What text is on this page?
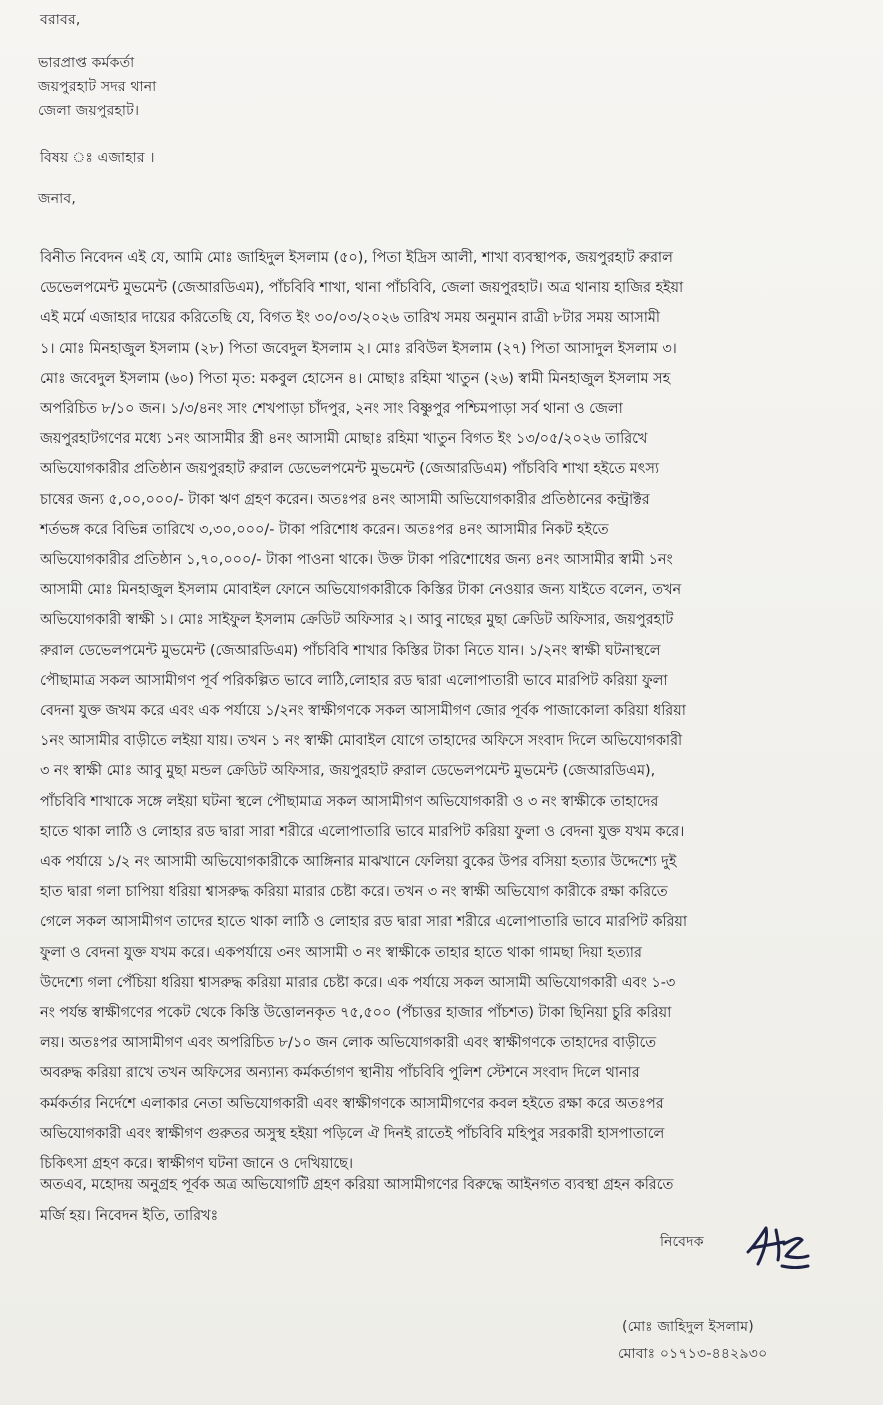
বরাবর,

ভারপ্রাপ্ত কর্মকর্তা

জয়পুরহাট সদর থানা

জেলা জয়পুরহাট।

বিষয় ঃ এজাহার ।

জনাব,

বিনীত নিবেদন এই যে, আমি মোঃ জাহিদুল ইসলাম (৫০), পিতা ইদ্রিস আলী, শাখা ব্যবস্থাপক, জয়পুরহাট রুরাল

ডেভেলপমেন্ট মুভমেন্ট (জেআরডিএম), পাঁচবিবি শাখা, থানা পাঁচবিবি, জেলা জয়পুরহাট। অত্র থানায় হাজির হইয়া

এই মর্মে এজাহার দায়ের করিতেছি যে, বিগত ইং ৩০/০৩/২০২৬ তারিখ সময় অনুমান রাত্রী ৮টার সময় আসামী

১। মোঃ মিনহাজুল ইসলাম (২৮) পিতা জবেদুল ইসলাম ২। মোঃ রবিউল ইসলাম (২৭) পিতা আসাদুল ইসলাম ৩।

মোঃ জবেদুল ইসলাম (৬০) পিতা মৃত: মকবুল হোসেন ৪। মোছাঃ রহিমা খাতুন (২৬) স্বামী মিনহাজুল ইসলাম সহ

অপরিচিত ৮/১০ জন। ১/৩/৪নং সাং শেখপাড়া চাঁদপুর, ২নং সাং বিষ্ণুপুর পশ্চিমপাড়া সর্ব থানা ও জেলা

জয়পুরহাটগণের মধ্যে ১নং আসামীর স্ত্রী ৪নং আসামী মোছাঃ রহিমা খাতুন বিগত ইং ১৩/০৫/২০২৬ তারিখে

অভিযোগকারীর প্রতিষ্ঠান জয়পুরহাট রুরাল ডেভেলপমেন্ট মুভমেন্ট (জেআরডিএম) পাঁচবিবি শাখা হইতে মৎস্য

চাষের জন্য ৫,০০,০০০/- টাকা ঋণ গ্রহণ করেন। অতঃপর ৪নং আসামী অভিযোগকারীর প্রতিষ্ঠানের কন্ট্রাক্টর

শর্তভঙ্গ করে বিভিন্ন তারিখে ৩,৩০,০০০/- টাকা পরিশোধ করেন। অতঃপর ৪নং আসামীর নিকট হইতে

অভিযোগকারীর প্রতিষ্ঠান ১,৭০,০০০/- টাকা পাওনা থাকে। উক্ত টাকা পরিশোধের জন্য ৪নং আসামীর স্বামী ১নং

আসামী মোঃ মিনহাজুল ইসলাম মোবাইল ফোনে অভিযোগকারীকে কিস্তির টাকা নেওয়ার জন্য যাইতে বলেন, তখন

অভিযোগকারী স্বাক্ষী ১। মোঃ সাইফুল ইসলাম ক্রেডিট অফিসার ২। আবু নাছের মুছা ক্রেডিট অফিসার, জয়পুরহাট

রুরাল ডেভেলপমেন্ট মুভমেন্ট (জেআরডিএম) পাঁচবিবি শাখার কিস্তির টাকা নিতে যান। ১/২নং স্বাক্ষী ঘটনাস্থলে

পৌছামাত্র সকল আসামীগণ পূর্ব পরিকল্পিত ভাবে লাঠি,লোহার রড দ্বারা এলোপাতারী ভাবে মারপিট করিয়া ফুলা

বেদনা যুক্ত জখম করে এবং এক পর্যায়ে ১/২নং স্বাক্ষীগণকে সকল আসামীগণ জোর পূর্বক পাজাকোলা করিয়া ধরিয়া

১নং আসামীর বাড়ীতে লইয়া যায়। তখন ১ নং স্বাক্ষী মোবাইল যোগে তাহাদের অফিসে সংবাদ দিলে অভিযোগকারী

৩ নং স্বাক্ষী মোঃ আবু মুছা মন্ডল ক্রেডিট অফিসার, জয়পুরহাট রুরাল ডেভেলপমেন্ট মুভমেন্ট (জেআরডিএম),

পাঁচবিবি শাখাকে সঙ্গে লইয়া ঘটনা স্থলে পৌছামাত্র সকল আসামীগণ অভিযোগকারী ও ৩ নং স্বাক্ষীকে তাহাদের

হাতে থাকা লাঠি ও লোহার রড দ্বারা সারা শরীরে এলোপাতারি ভাবে মারপিট করিয়া ফুলা ও বেদনা যুক্ত যখম করে।

এক পর্যায়ে ১/২ নং আসামী অভিযোগকারীকে আঙ্গিনার মাঝখানে ফেলিয়া বুকের উপর বসিয়া হত্যার উদ্দেশ্যে দুই

হাত দ্বারা গলা চাপিয়া ধরিয়া শ্বাসরুদ্ধ করিয়া মারার চেষ্টা করে। তখন ৩ নং স্বাক্ষী অভিযোগ কারীকে রক্ষা করিতে

গেলে সকল আসামীগণ তাদের হাতে থাকা লাঠি ও লোহার রড দ্বারা সারা শরীরে এলোপাতারি ভাবে মারপিট করিয়া

ফুলা ও বেদনা যুক্ত যখম করে। একপর্যায়ে ৩নং আসামী ৩ নং স্বাক্ষীকে তাহার হাতে থাকা গামছা দিয়া হত্যার

উদেশ্যে গলা পেঁচিয়া ধরিয়া শ্বাসরুদ্ধ করিয়া মারার চেষ্টা করে। এক পর্যায়ে সকল আসামী অভিযোগকারী এবং ১-৩

নং পর্যন্ত স্বাক্ষীগণের পকেট থেকে কিস্তি উত্তোলনকৃত ৭৫,৫০০ (পঁচাত্তর হাজার পাঁচশত) টাকা ছিনিয়া চুরি করিয়া

লয়। অতঃপর আসামীগণ এবং অপরিচিত ৮/১০ জন লোক অভিযোগকারী এবং স্বাক্ষীগণকে তাহাদের বাড়ীতে

অবরুদ্ধ করিয়া রাখে তখন অফিসের অন্যান্য কর্মকর্তাগণ স্থানীয় পাঁচবিবি পুলিশ স্টেশনে সংবাদ দিলে থানার

কর্মকর্তার নির্দেশে এলাকার নেতা অভিযোগকারী এবং স্বাক্ষীগণকে আসামীগণের কবল হইতে রক্ষা করে অতঃপর

অভিযোগকারী এবং স্বাক্ষীগণ গুরুতর অসুস্থ হইয়া পড়িলে ঐ দিনই রাতেই পাঁচবিবি মহিপুর সরকারী হাসপাতালে

চিকিৎসা গ্রহণ করে। স্বাক্ষীগণ ঘটনা জানে ও দেখিয়াছে।

অতএব, মহোদয় অনুগ্রহ পূর্বক অত্র অভিযোগটি গ্রহণ করিয়া আসামীগণের বিরুদ্ধে আইনগত ব্যবস্থা গ্রহন করিতে

মর্জি হয়। নিবেদন ইতি, তারিখঃ

নিবেদক

(মোঃ জাহিদুল ইসলাম)

মোবাঃ ০১৭১৩-৪৪২৯৩০
